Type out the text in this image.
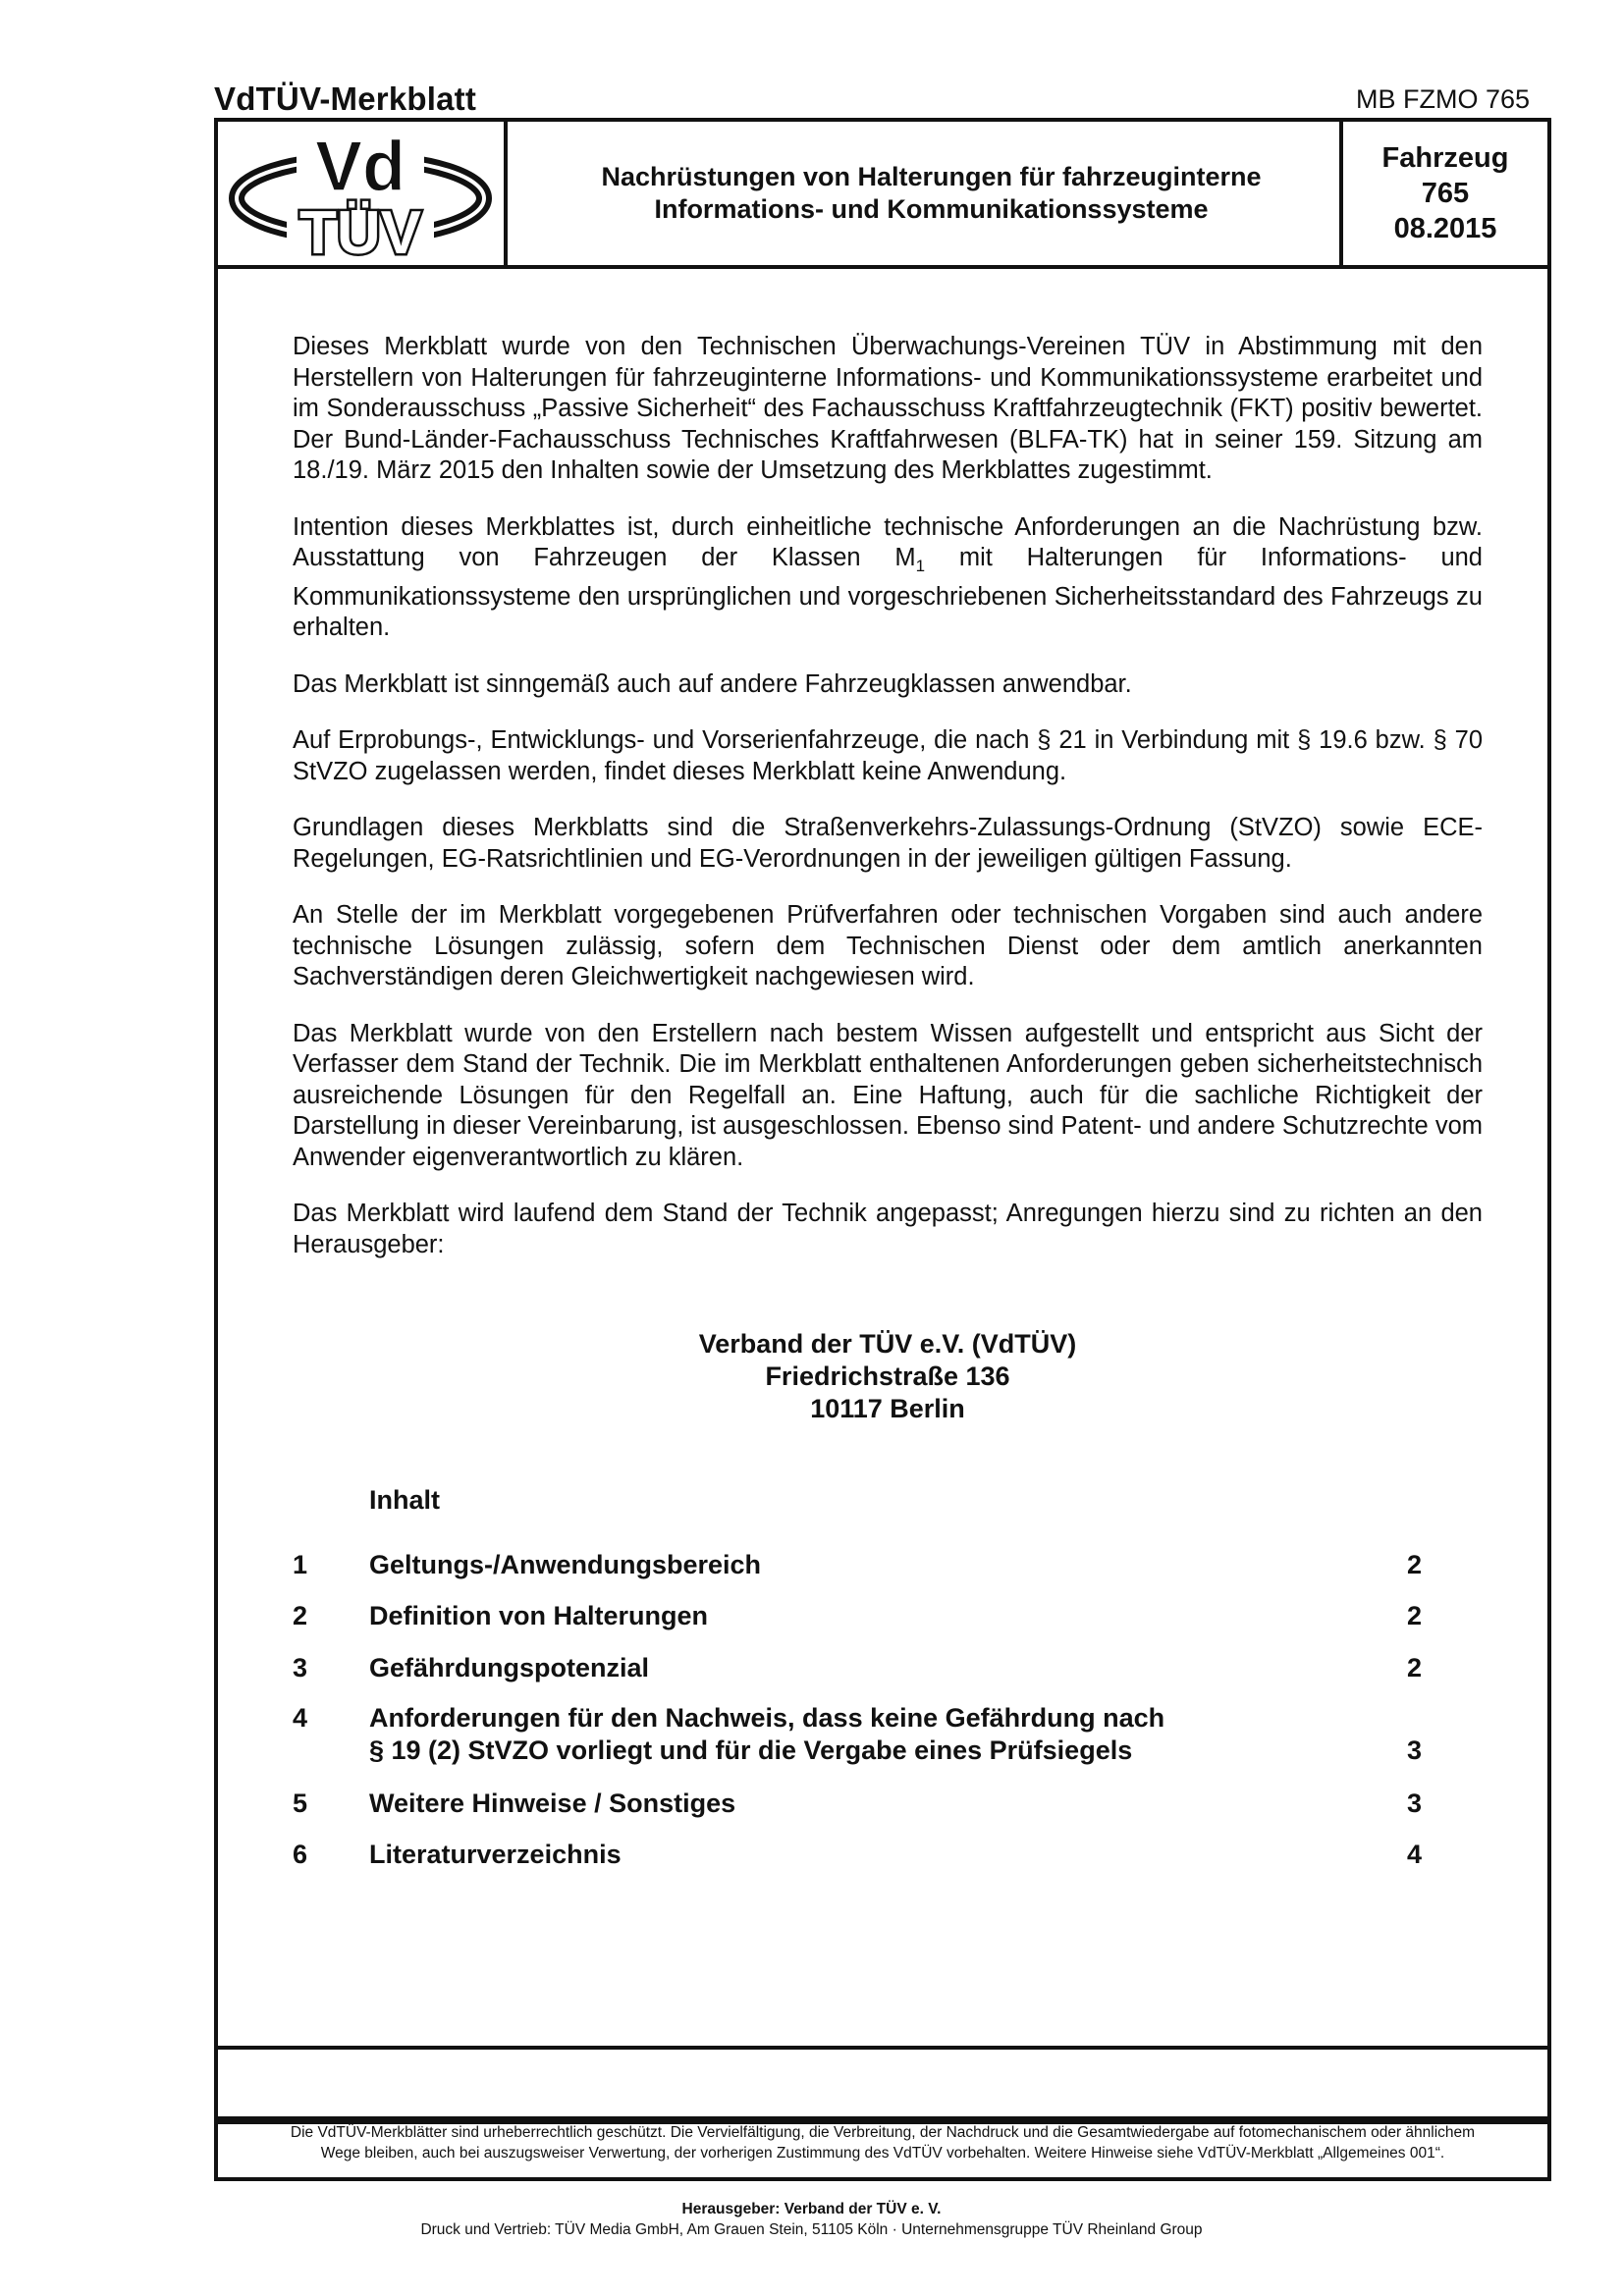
VdTÜV-Merkblatt	MB FZMO 765
Vd
TÜV
Nachrüstungen von Halterungen für fahrzeuginterne
Informations- und Kommunikationssysteme
Fahrzeug
765
08.2015

Dieses Merkblatt wurde von den Technischen Überwachungs-Vereinen TÜV in Abstimmung mit den Herstellern von Halterungen für fahrzeuginterne Informations- und Kommunikationssysteme erarbeitet und im Sonderausschuss „Passive Sicherheit“ des Fachausschuss Kraftfahrzeugtechnik (FKT) positiv bewertet. Der Bund-Länder-Fachausschuss Technisches Kraftfahrwesen (BLFA-TK) hat in seiner 159. Sitzung am 18./19. März 2015 den Inhalten sowie der Umsetzung des Merkblattes zugestimmt.

Intention dieses Merkblattes ist, durch einheitliche technische Anforderungen an die Nachrüstung bzw. Ausstattung von Fahrzeugen der Klassen $M_1$ mit Halterungen für Informations- und Kommunikationssysteme den ursprünglichen und vorgeschriebenen Sicherheitsstandard des Fahrzeugs zu erhalten.

Das Merkblatt ist sinngemäß auch auf andere Fahrzeugklassen anwendbar.

Auf Erprobungs-, Entwicklungs- und Vorserienfahrzeuge, die nach § 21 in Verbindung mit § 19.6 bzw. § 70 StVZO zugelassen werden, findet dieses Merkblatt keine Anwendung.

Grundlagen dieses Merkblatts sind die Straßenverkehrs-Zulassungs-Ordnung (StVZO) sowie ECE-Regelungen, EG-Ratsrichtlinien und EG-Verordnungen in der jeweiligen gültigen Fassung.

An Stelle der im Merkblatt vorgegebenen Prüfverfahren oder technischen Vorgaben sind auch andere technische Lösungen zulässig, sofern dem Technischen Dienst oder dem amtlich anerkannten Sachverständigen deren Gleichwertigkeit nachgewiesen wird.

Das Merkblatt wurde von den Erstellern nach bestem Wissen aufgestellt und entspricht aus Sicht der Verfasser dem Stand der Technik. Die im Merkblatt enthaltenen Anforderungen geben sicherheitstechnisch ausreichende Lösungen für den Regelfall an. Eine Haftung, auch für die sachliche Richtigkeit der Darstellung in dieser Vereinbarung, ist ausgeschlossen. Ebenso sind Patent- und andere Schutzrechte vom Anwender eigenverantwortlich zu klären.

Das Merkblatt wird laufend dem Stand der Technik angepasst; Anregungen hierzu sind zu richten an den Herausgeber:

Verband der TÜV e.V. (VdTÜV)
Friedrichstraße 136
10117 Berlin
Inhalt
1 Geltungs-/Anwendungsbereich	2
2 Definition von Halterungen	2
3 Gefährdungspotenzial	2
4 Anforderungen für den Nachweis, dass keine Gefährdung nach
§ 19 (2) StVZO vorliegt und für die Vergabe eines Prüfsiegels	3
5 Weitere Hinweise / Sonstiges	3
6 Literaturverzeichnis	4
Die VdTÜV-Merkblätter sind urheberrechtlich geschützt. Die Vervielfältigung, die Verbreitung, der Nachdruck und die Gesamtwiedergabe auf fotomechanischem oder ähnlichem
Wege bleiben, auch bei auszugsweiser Verwertung, der vorherigen Zustimmung des VdTÜV vorbehalten. Weitere Hinweise siehe VdTÜV-Merkblatt „Allgemeines 001“.
Herausgeber: Verband der TÜV e. V.
Druck und Vertrieb: TÜV Media GmbH, Am Grauen Stein, 51105 Köln · Unternehmensgruppe TÜV Rheinland Group
